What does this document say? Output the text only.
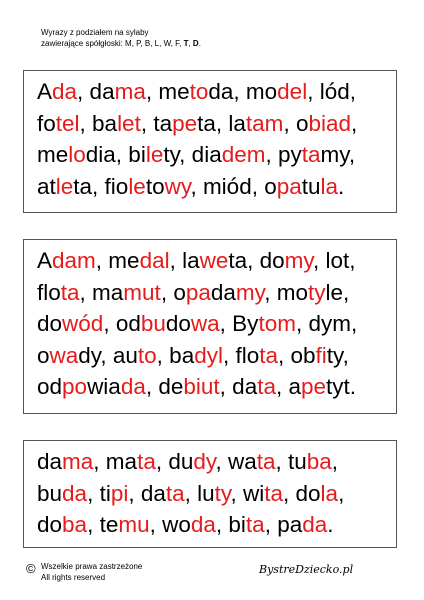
Wyrazy z podziałem na sylaby
zawierające spółgłoski: M, P, B, L, W, F, T, D.
Ada, dama, metoda, model, lód,
fotel, balet, tapeta, latam, obiad,
melodia, bilety, diadem, pytamy,
atleta, fioletowy, miód, opatula.
Adam, medal, laweta, domy, lot,
flota, mamut, opadamy, motyle,
dowód, odbudowa, Bytom, dym,
owady, auto, badyl, flota, obfity,
odpowiada, debiut, data, apetyt.
dama, mata, dudy, wata, tuba,
buda, tipi, data, luty, wita, dola,
doba, temu, woda, bita, pada.
© Wszelkie prawa zastrzeżone
All rights reserved
BystreDziecko.pl
